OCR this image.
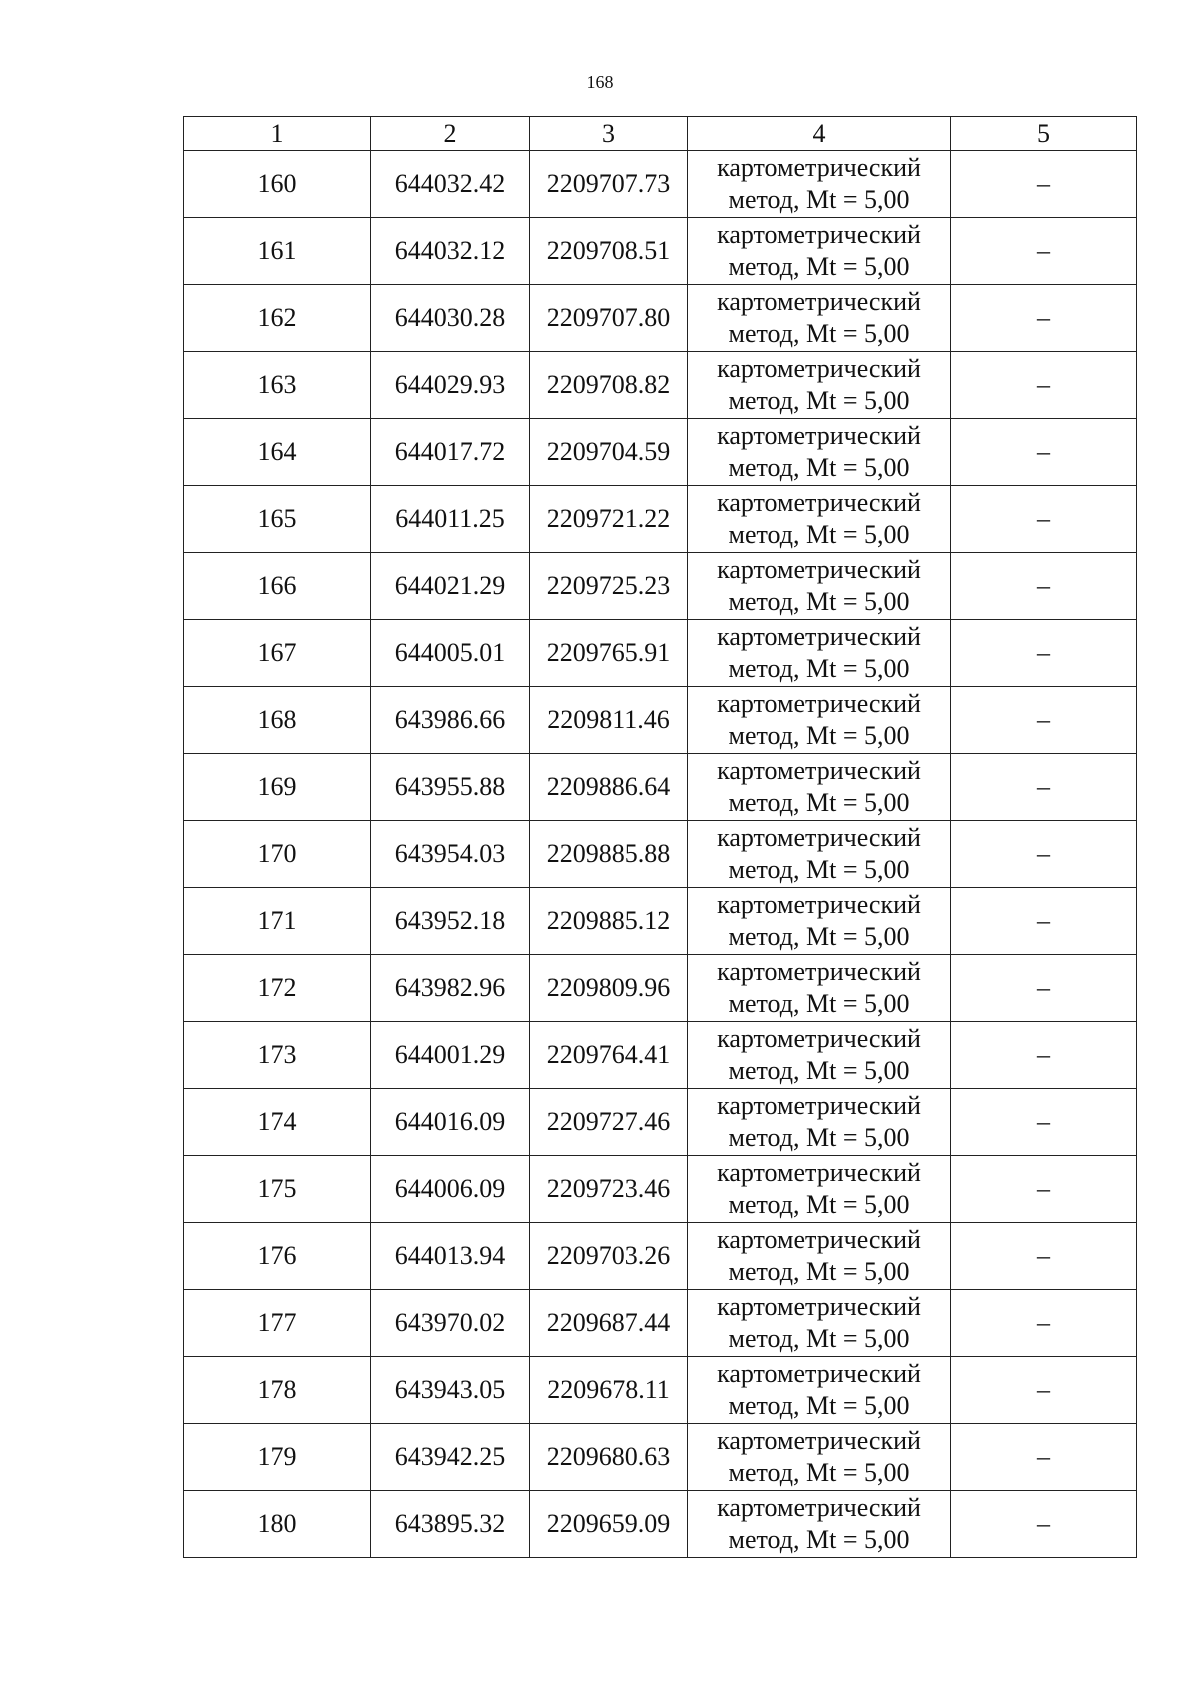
168
1	2	3	4	5
160	644032.42	2209707.73	картометрический
метод, Mt = 5,00	–
161	644032.12	2209708.51	картометрический
метод, Mt = 5,00	–
162	644030.28	2209707.80	картометрический
метод, Mt = 5,00	–
163	644029.93	2209708.82	картометрический
метод, Mt = 5,00	–
164	644017.72	2209704.59	картометрический
метод, Mt = 5,00	–
165	644011.25	2209721.22	картометрический
метод, Mt = 5,00	–
166	644021.29	2209725.23	картометрический
метод, Mt = 5,00	–
167	644005.01	2209765.91	картометрический
метод, Mt = 5,00	–
168	643986.66	2209811.46	картометрический
метод, Mt = 5,00	–
169	643955.88	2209886.64	картометрический
метод, Mt = 5,00	–
170	643954.03	2209885.88	картометрический
метод, Mt = 5,00	–
171	643952.18	2209885.12	картометрический
метод, Mt = 5,00	–
172	643982.96	2209809.96	картометрический
метод, Mt = 5,00	–
173	644001.29	2209764.41	картометрический
метод, Mt = 5,00	–
174	644016.09	2209727.46	картометрический
метод, Mt = 5,00	–
175	644006.09	2209723.46	картометрический
метод, Mt = 5,00	–
176	644013.94	2209703.26	картометрический
метод, Mt = 5,00	–
177	643970.02	2209687.44	картометрический
метод, Mt = 5,00	–
178	643943.05	2209678.11	картометрический
метод, Mt = 5,00	–
179	643942.25	2209680.63	картометрический
метод, Mt = 5,00	–
180	643895.32	2209659.09	картометрический
метод, Mt = 5,00	–
